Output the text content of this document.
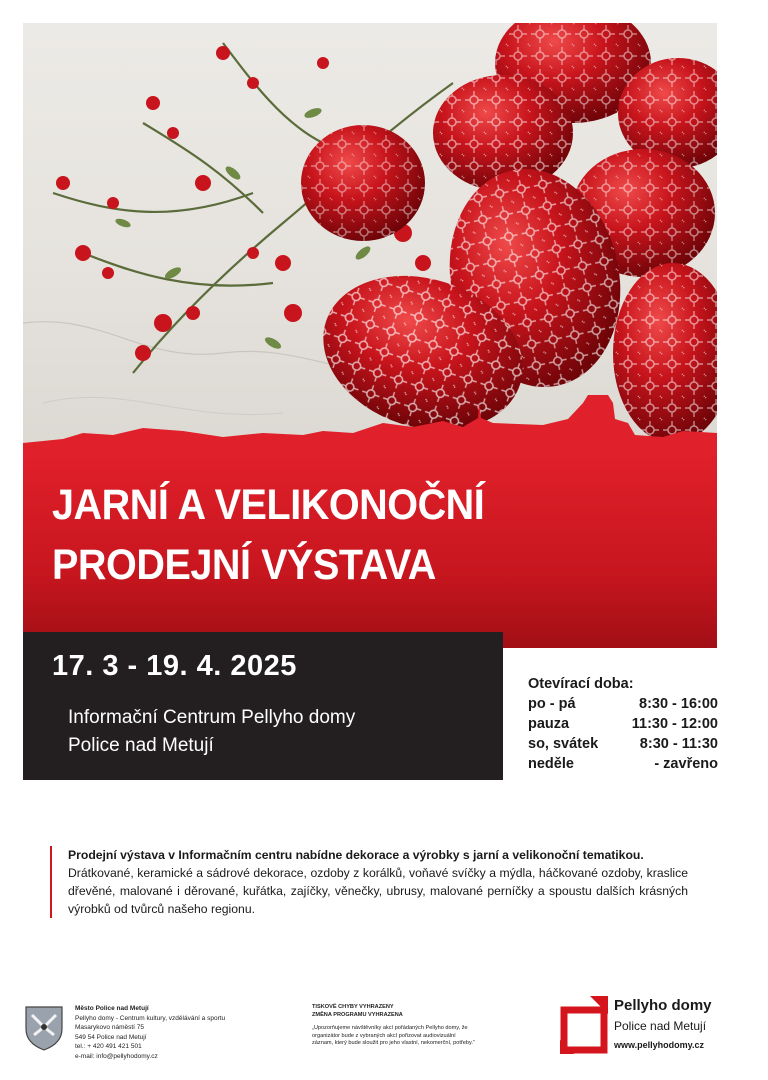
JARNÍ A VELIKONOČNÍ
PRODEJNÍ VÝSTAVA
17. 3 - 19. 4. 2025
Informační Centrum Pellyho domy
Police nad Metují
Otevírací doba:
po - pá	8:30 - 16:00
pauza	11:30 - 12:00
so, svátek	8:30 - 11:30
neděle	- zavřeno
Prodejní výstava v Informačním centru nabídne dekorace a výrobky s jarní a velikonoční tematikou.
Drátkované, keramické a sádrové dekorace, ozdoby z korálků, voňavé svíčky a mýdla, háčkované ozdoby, kraslice dřevěné, malované i děrované, kuřátka, zajíčky, věnečky, ubrusy, malované perníčky a spoustu dalších krásných výrobků od tvůrců našeho regionu.
Město Police nad Metují
Pellyho domy - Centrum kultury, vzdělávání a sportu
Masarykovo náměstí 75
549 54 Police nad Metují
tel.: + 420 491 421 501
e-mail: info@pellyhodomy.cz
TISKOVÉ CHYBY VYHRAZENY
ZMĚNA PROGRAMU VYHRAZENA
„Upozorňujeme návštěvníky akcí pořádaných Pellyho domy, že organizátor bude z vybraných akcí pořizovat audiovizuální záznam, který bude sloužit pro jeho vlastní, nekomerční, potřeby.“
Pellyho domy
Police nad Metují
www.pellyhodomy.cz
